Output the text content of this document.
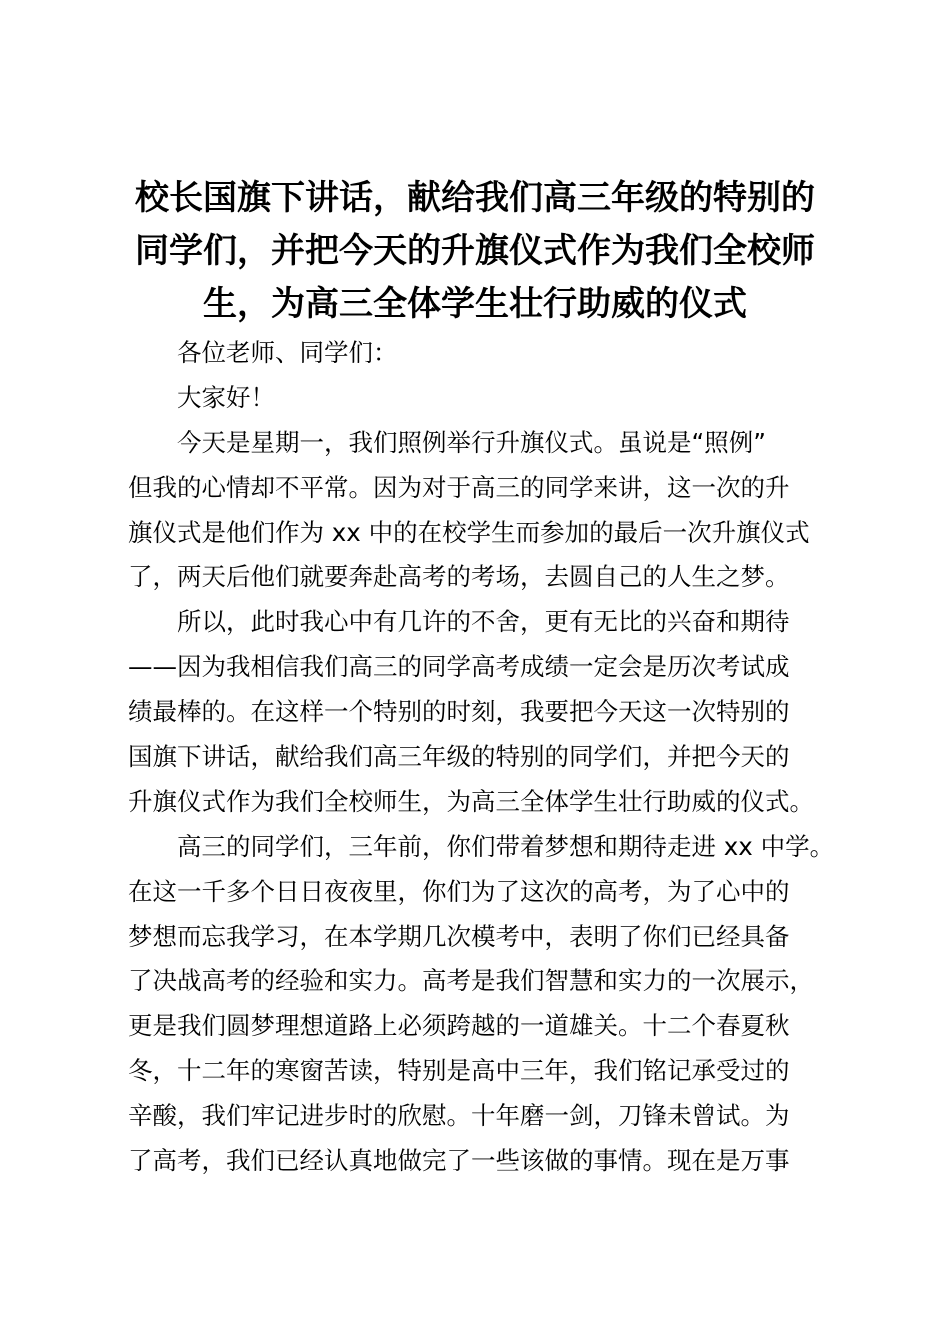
校长国旗下讲话，献给我们高三年级的特别的
同学们，并把今天的升旗仪式作为我们全校师
生，为高三全体学生壮行助威的仪式
各位老师、同学们：
大家好！
今天是星期一，我们照例举行升旗仪式。虽说是“照例”
但我的心情却不平常。因为对于高三的同学来讲，这一次的升
旗仪式是他们作为 xx 中的在校学生而参加的最后一次升旗仪式
了，两天后他们就要奔赴高考的考场，去圆自己的人生之梦。
所以，此时我心中有几许的不舍，更有无比的兴奋和期待
——因为我相信我们高三的同学高考成绩一定会是历次考试成
绩最棒的。在这样一个特别的时刻，我要把今天这一次特别的
国旗下讲话，献给我们高三年级的特别的同学们，并把今天的
升旗仪式作为我们全校师生，为高三全体学生壮行助威的仪式。
高三的同学们，三年前，你们带着梦想和期待走进 xx 中学。
在这一千多个日日夜夜里，你们为了这次的高考，为了心中的
梦想而忘我学习，在本学期几次模考中，表明了你们已经具备
了决战高考的经验和实力。高考是我们智慧和实力的一次展示，
更是我们圆梦理想道路上必须跨越的一道雄关。十二个春夏秋
冬，十二年的寒窗苦读，特别是高中三年，我们铭记承受过的
辛酸，我们牢记进步时的欣慰。十年磨一剑，刀锋未曾试。为
了高考，我们已经认真地做完了一些该做的事情。现在是万事
